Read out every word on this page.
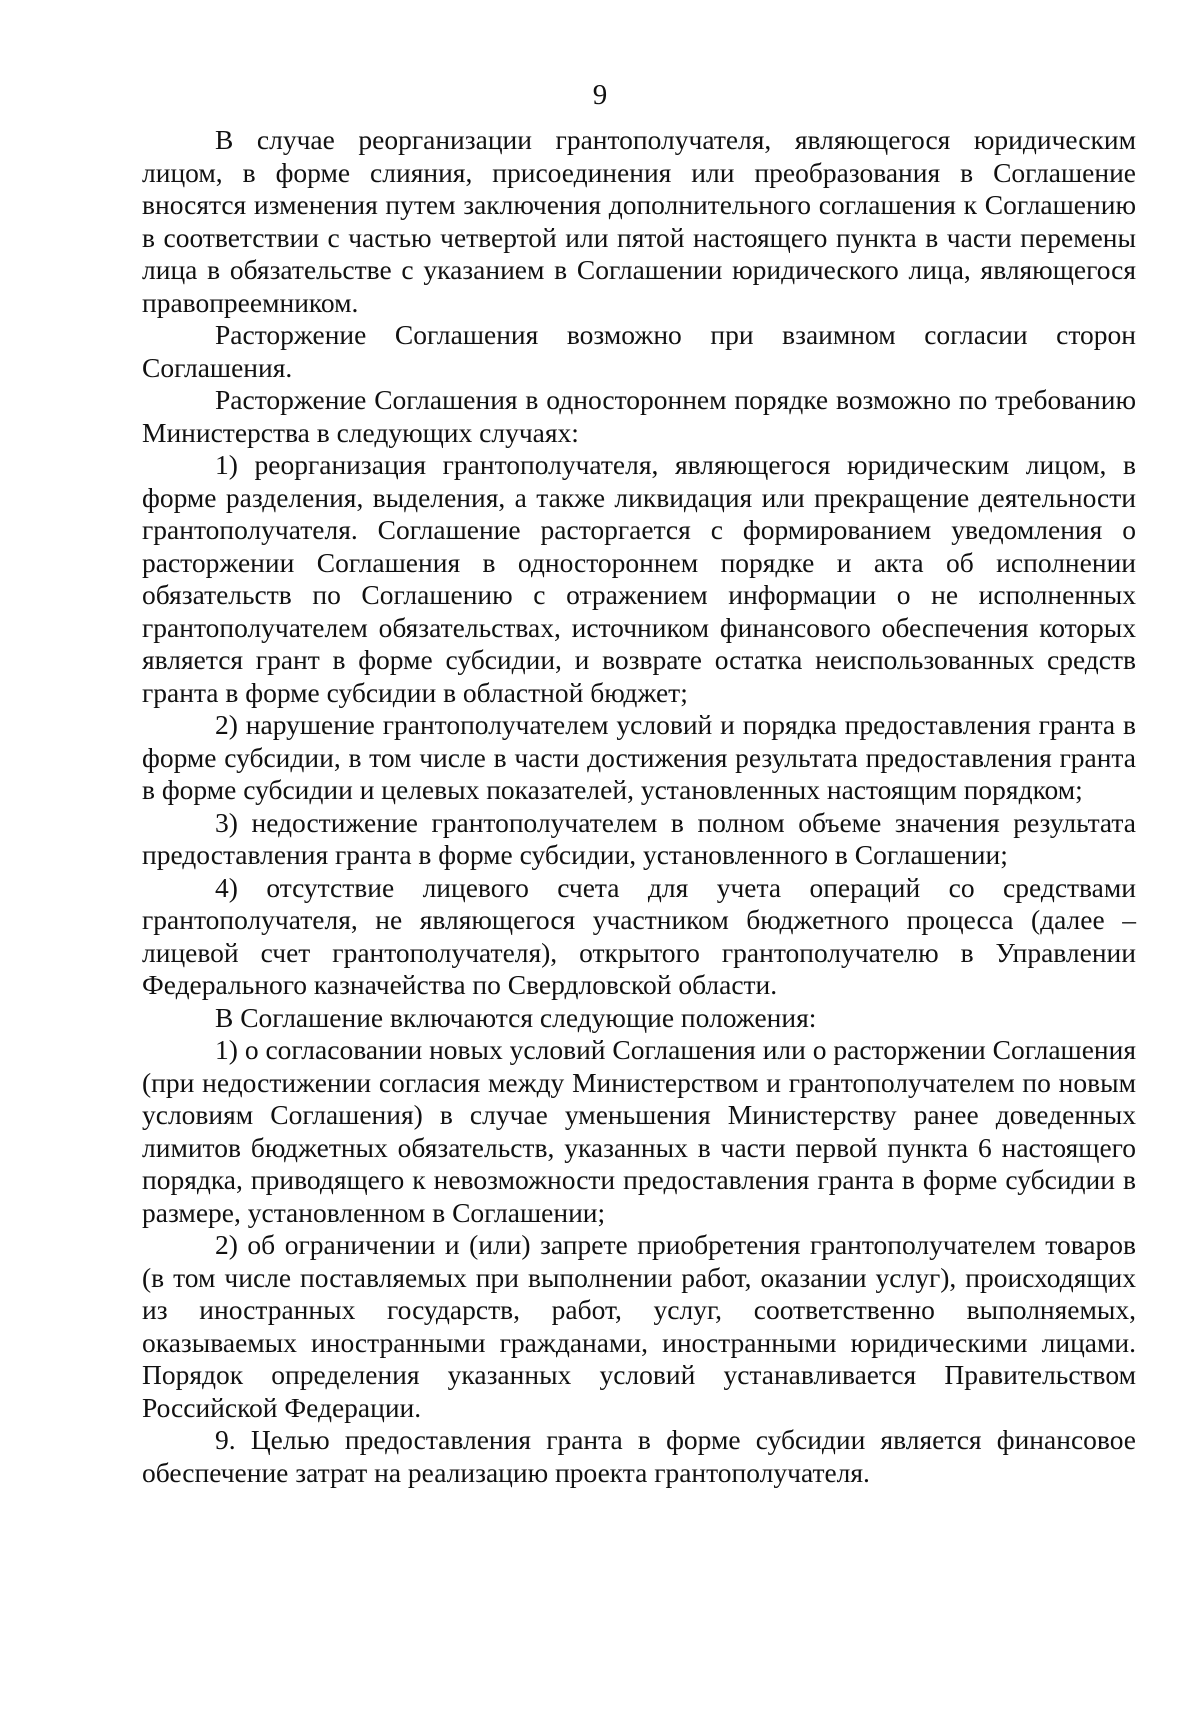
9

В случае реорганизации грантополучателя, являющегося юридическим лицом, в форме слияния, присоединения или преобразования в Соглашение вносятся изменения путем заключения дополнительного соглашения к Соглашению в соответствии с частью четвертой или пятой настоящего пункта в части перемены лица в обязательстве с указанием в Соглашении юридического лица, являющегося правопреемником.

Расторжение Соглашения возможно при взаимном согласии сторон Соглашения.

Расторжение Соглашения в одностороннем порядке возможно по требованию Министерства в следующих случаях:

1) реорганизация грантополучателя, являющегося юридическим лицом, в форме разделения, выделения, а также ликвидация или прекращение деятельности грантополучателя. Соглашение расторгается с формированием уведомления о расторжении Соглашения в одностороннем порядке и акта об исполнении обязательств по Соглашению с отражением информации о не исполненных грантополучателем обязательствах, источником финансового обеспечения которых является грант в форме субсидии, и возврате остатка неиспользованных средств гранта в форме субсидии в областной бюджет;

2) нарушение грантополучателем условий и порядка предоставления гранта в форме субсидии, в том числе в части достижения результата предоставления гранта в форме субсидии и целевых показателей, установленных настоящим порядком;

3) недостижение грантополучателем в полном объеме значения результата предоставления гранта в форме субсидии, установленного в Соглашении;

4) отсутствие лицевого счета для учета операций со средствами грантополучателя, не являющегося участником бюджетного процесса (далее – лицевой счет грантополучателя), открытого грантополучателю в Управлении Федерального казначейства по Свердловской области.

В Соглашение включаются следующие положения:

1) о согласовании новых условий Соглашения или о расторжении Соглашения (при недостижении согласия между Министерством и грантополучателем по новым условиям Соглашения) в случае уменьшения Министерству ранее доведенных лимитов бюджетных обязательств, указанных в части первой пункта 6 настоящего порядка, приводящего к невозможности предоставления гранта в форме субсидии в размере, установленном в Соглашении;

2) об ограничении и (или) запрете приобретения грантополучателем товаров (в том числе поставляемых при выполнении работ, оказании услуг), происходящих из иностранных государств, работ, услуг, соответственно выполняемых, оказываемых иностранными гражданами, иностранными юридическими лицами. Порядок определения указанных условий устанавливается Правительством Российской Федерации.

9. Целью предоставления гранта в форме субсидии является финансовое обеспечение затрат на реализацию проекта грантополучателя.
